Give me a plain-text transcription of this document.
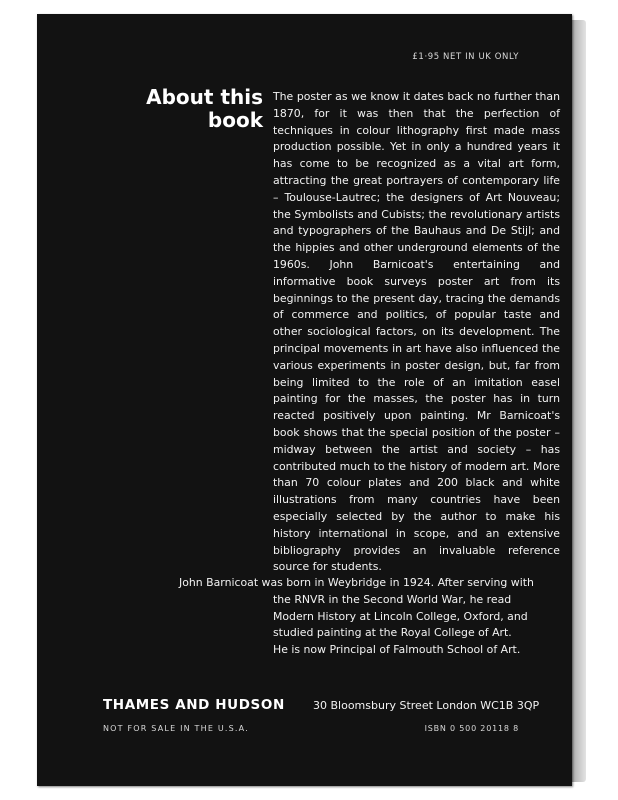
£1·95 NET IN UK ONLY
About this
book
The poster as we know it dates back no further than 1870, for it was then that the perfection of techniques in colour lithography first made mass production possible. Yet in only a hundred years it has come to be recognized as a vital art form, attracting the great portrayers of contemporary life – Toulouse-Lautrec; the designers of Art Nouveau; the Symbolists and Cubists; the revolutionary artists and typographers of the Bauhaus and De Stijl; and the hippies and other underground elements of the 1960s. John Barnicoat's entertaining and informative book surveys poster art from its beginnings to the present day, tracing the demands of commerce and politics, of popular taste and other sociological factors, on its development. The principal movements in art have also influenced the various experiments in poster design, but, far from being limited to the role of an imitation easel painting for the masses, the poster has in turn reacted positively upon painting. Mr Barnicoat's book shows that the special position of the poster – midway between the artist and society – has contributed much to the history of modern art. More than 70 colour plates and 200 black and white illustrations from many countries have been especially selected by the author to make his history international in scope, and an extensive bibliography provides an invaluable reference source for students.
John Barnicoat was born in Weybridge in 1924. After serving with
the RNVR in the Second World War, he read
Modern History at Lincoln College, Oxford, and
studied painting at the Royal College of Art.
He is now Principal of Falmouth School of Art.
THAMES AND HUDSON	30 Bloomsbury Street London WC1B 3QP
NOT FOR SALE IN THE U.S.A.	ISBN 0 500 20118 8
